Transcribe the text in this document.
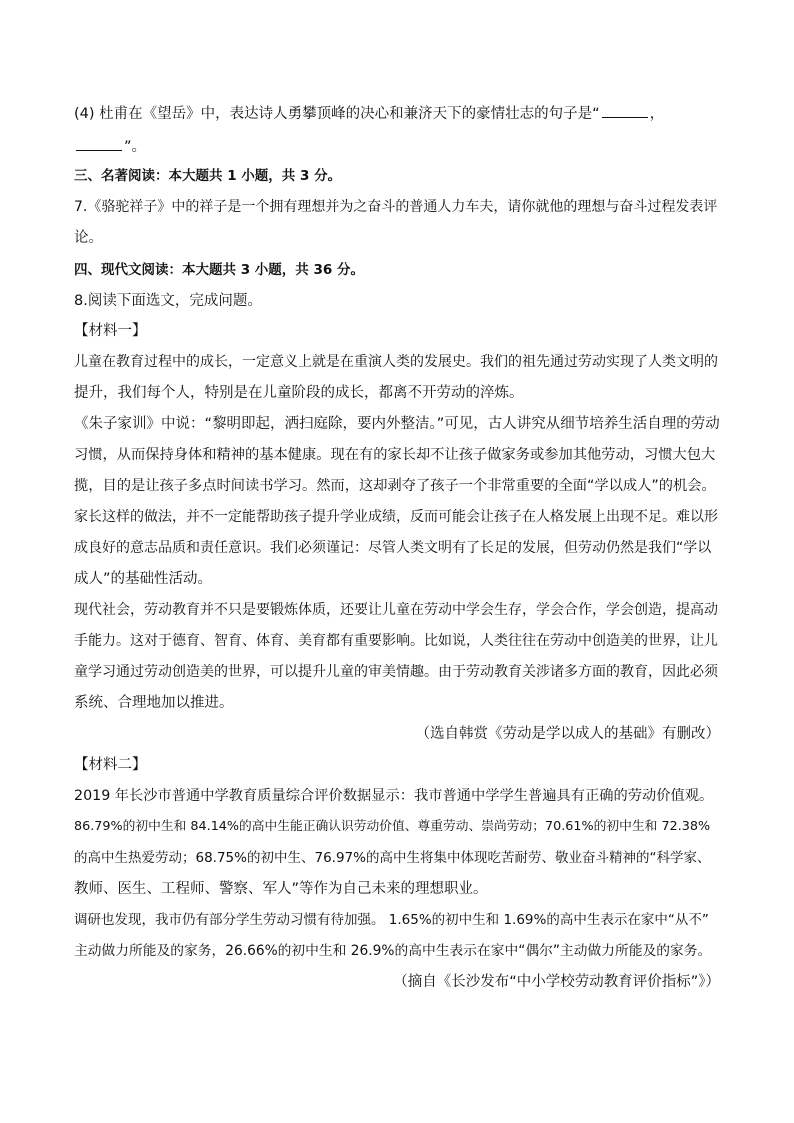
(4) 杜甫在《望岳》中，表达诗人勇攀顶峰的决心和兼济天下的豪情壮志的句子是“	，
”。
三、名著阅读：本大题共 1 小题，共 3 分。
7.《骆驼祥子》中的祥子是一个拥有理想并为之奋斗的普通人力车夫，请你就他的理想与奋斗过程发表评
论。
四、现代文阅读：本大题共 3 小题，共 36 分。
8.阅读下面选文，完成问题。
【材料一】
儿童在教育过程中的成长，一定意义上就是在重演人类的发展史。我们的祖先通过劳动实现了人类文明的
提升，我们每个人，特别是在儿童阶段的成长，都离不开劳动的淬炼。
《朱子家训》中说：“黎明即起，洒扫庭除，要内外整洁。”可见，古人讲究从细节培养生活自理的劳动
习惯，从而保持身体和精神的基本健康。现在有的家长却不让孩子做家务或参加其他劳动，习惯大包大
揽，目的是让孩子多点时间读书学习。然而，这却剥夺了孩子一个非常重要的全面“学以成人”的机会。
家长这样的做法，并不一定能帮助孩子提升学业成绩，反而可能会让孩子在人格发展上出现不足。难以形
成良好的意志品质和责任意识。我们必须谨记：尽管人类文明有了长足的发展，但劳动仍然是我们“学以
成人”的基础性活动。
现代社会，劳动教育并不只是要锻炼体质，还要让儿童在劳动中学会生存，学会合作，学会创造，提高动
手能力。这对于德育、智育、体育、美育都有重要影响。比如说，人类往往在劳动中创造美的世界，让儿
童学习通过劳动创造美的世界，可以提升儿童的审美情趣。由于劳动教育关涉诸多方面的教育，因此必须
系统、合理地加以推进。
（选自韩赏《劳动是学以成人的基础》有删改）
【材料二】
2019 年长沙市普通中学教育质量综合评价数据显示：我市普通中学学生普遍具有正确的劳动价值观。
86.79%的初中生和 84.14%的高中生能正确认识劳动价值、尊重劳动、崇尚劳动；70.61%的初中生和 72.38%
的高中生热爱劳动；68.75%的初中生、76.97%的高中生将集中体现吃苦耐劳、敬业奋斗精神的“科学家、
教师、医生、工程师、警察、军人”等作为自己未来的理想职业。
调研也发现，我市仍有部分学生劳动习惯有待加强。 1.65%的初中生和 1.69%的高中生表示在家中“从不”
主动做力所能及的家务，26.66%的初中生和 26.9%的高中生表示在家中“偶尔”主动做力所能及的家务。
（摘自《长沙发布“中小学校劳动教育评价指标”》）
